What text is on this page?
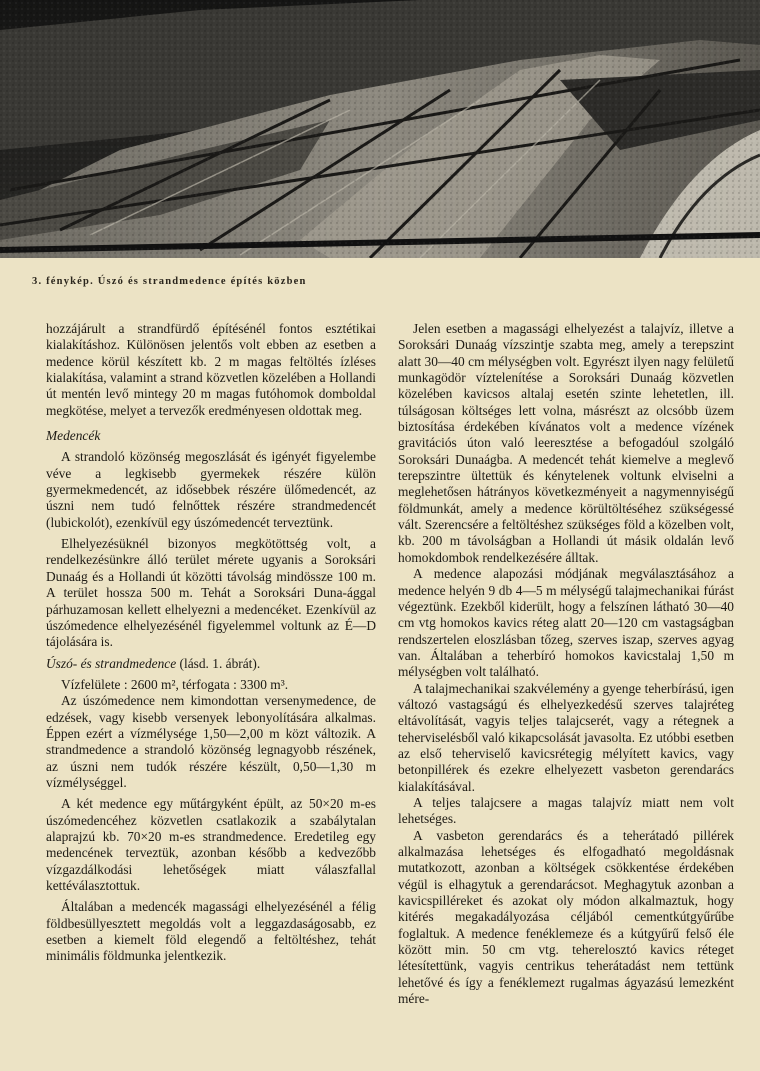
3. fénykép. Úszó és strandmedence építés közben

hozzájárult a strandfürdő építésénél fontos esztétikai kialakításhoz. Különösen jelentős volt ebben az esetben a medence körül készített kb. 2 m magas feltöltés ízléses kialakítása, valamint a strand közvetlen közelében a Hollandi út mentén levő mintegy 20 m magas futóhomok domboldal megkötése, melyet a tervezők eredményesen oldottak meg.

Medencék

A strandoló közönség megoszlását és igényét figyelembe véve a legkisebb gyermekek részére külön gyermekmedencét, az idősebbek részére ülőmedencét, az úszni nem tudó felnőttek részére strandmedencét (lubickolót), ezenkívül egy úszómedencét terveztünk.

Elhelyezésüknél bizonyos megkötöttség volt, a rendelkezésünkre álló terület mérete ugyanis a Soroksári Dunaág és a Hollandi út közötti távolság mindössze 100 m. A terület hossza 500 m. Tehát a Soroksári Duna-ággal párhuzamosan kellett elhelyezni a medencéket. Ezenkívül az úszómedence elhelyezésénél figyelemmel voltunk az É—D tájolására is.

Úszó- és strandmedence (lásd. 1. ábrát).

Vízfelülete : 2600 m², térfogata : 3300 m³.

Az úszómedence nem kimondottan versenymedence, de edzések, vagy kisebb versenyek lebonyolítására alkalmas. Éppen ezért a vízmélysége 1,50—2,00 m közt változik. A strandmedence a strandoló közönség legnagyobb részének, az úszni nem tudók részére készült, 0,50—1,30 m vízmélységgel.

A két medence egy műtárgyként épült, az 50×20 m-es úszómedencéhez közvetlen csatlakozik a szabálytalan alaprajzú kb. 70×20 m-es strandmedence. Eredetileg egy medencének terveztük, azonban később a kedvezőbb vízgazdálkodási lehetőségek miatt válaszfallal kettéválasztottuk.

Általában a medencék magassági elhelyezésénél a félig földbesüllyesztett megoldás volt a leggazdaságosabb, ez esetben a kiemelt föld elegendő a feltöltéshez, tehát minimális földmunka jelentkezik.

Jelen esetben a magassági elhelyezést a talajvíz, illetve a Soroksári Dunaág vízszintje szabta meg, amely a terepszint alatt 30—40 cm mélységben volt. Egyrészt ilyen nagy felületű munkagödör víztelenítése a Soroksári Dunaág közvetlen közelében kavicsos altalaj esetén szinte lehetetlen, ill. túlságosan költséges lett volna, másrészt az olcsóbb üzem biztosítása érdekében kívánatos volt a medence vízének gravitációs úton való leeresztése a befogadóul szolgáló Soroksári Dunaágba. A medencét tehát kiemelve a meglevő terepszintre ültettük és kénytelenek voltunk elviselni a meglehetősen hátrányos következményeit a nagymennyiségű földmunkát, amely a medence körültöltéséhez szükségessé vált. Szerencsére a feltöltéshez szükséges föld a közelben volt, kb. 200 m távolságban a Hollandi út másik oldalán levő homokdombok rendelkezésére álltak.

A medence alapozási módjának megválasztásához a medence helyén 9 db 4—5 m mélységű talajmechanikai fúrást végeztünk. Ezekből kiderült, hogy a felszínen látható 30—40 cm vtg homokos kavics réteg alatt 20—120 cm vastagságban rendszertelen eloszlásban tőzeg, szerves iszap, szerves agyag van. Általában a teherbíró homokos kavicstalaj 1,50 m mélységben volt található.

A talajmechanikai szakvélemény a gyenge teherbírású, igen változó vastagságú és elhelyezkedésű szerves talajréteg eltávolítását, vagyis teljes talajcserét, vagy a rétegnek a teherviselésből való kikapcsolását javasolta. Ez utóbbi esetben az első teherviselő kavicsrétegig mélyített kavics, vagy betonpillérek és ezekre elhelyezett vasbeton gerendarács kialakításával.

A teljes talajcsere a magas talajvíz miatt nem volt lehetséges.

A vasbeton gerendarács és a teherátadó pillérek alkalmazása lehetséges és elfogadható megoldásnak mutatkozott, azonban a költségek csökkentése érdekében végül is elhagytuk a gerendarácsot. Meghagytuk azonban a kavicspilléreket és azokat oly módon alkalmaztuk, hogy kitérés megakadályozása céljából cementkútgyűrűbe foglaltuk. A medence fenéklemeze és a kútgyűrű felső éle között min. 50 cm vtg. teherelosztó kavics réteget létesítettünk, vagyis centrikus teherátadást nem tettünk lehetővé és így a fenéklemezt rugalmas ágyazású lemezként mére-
